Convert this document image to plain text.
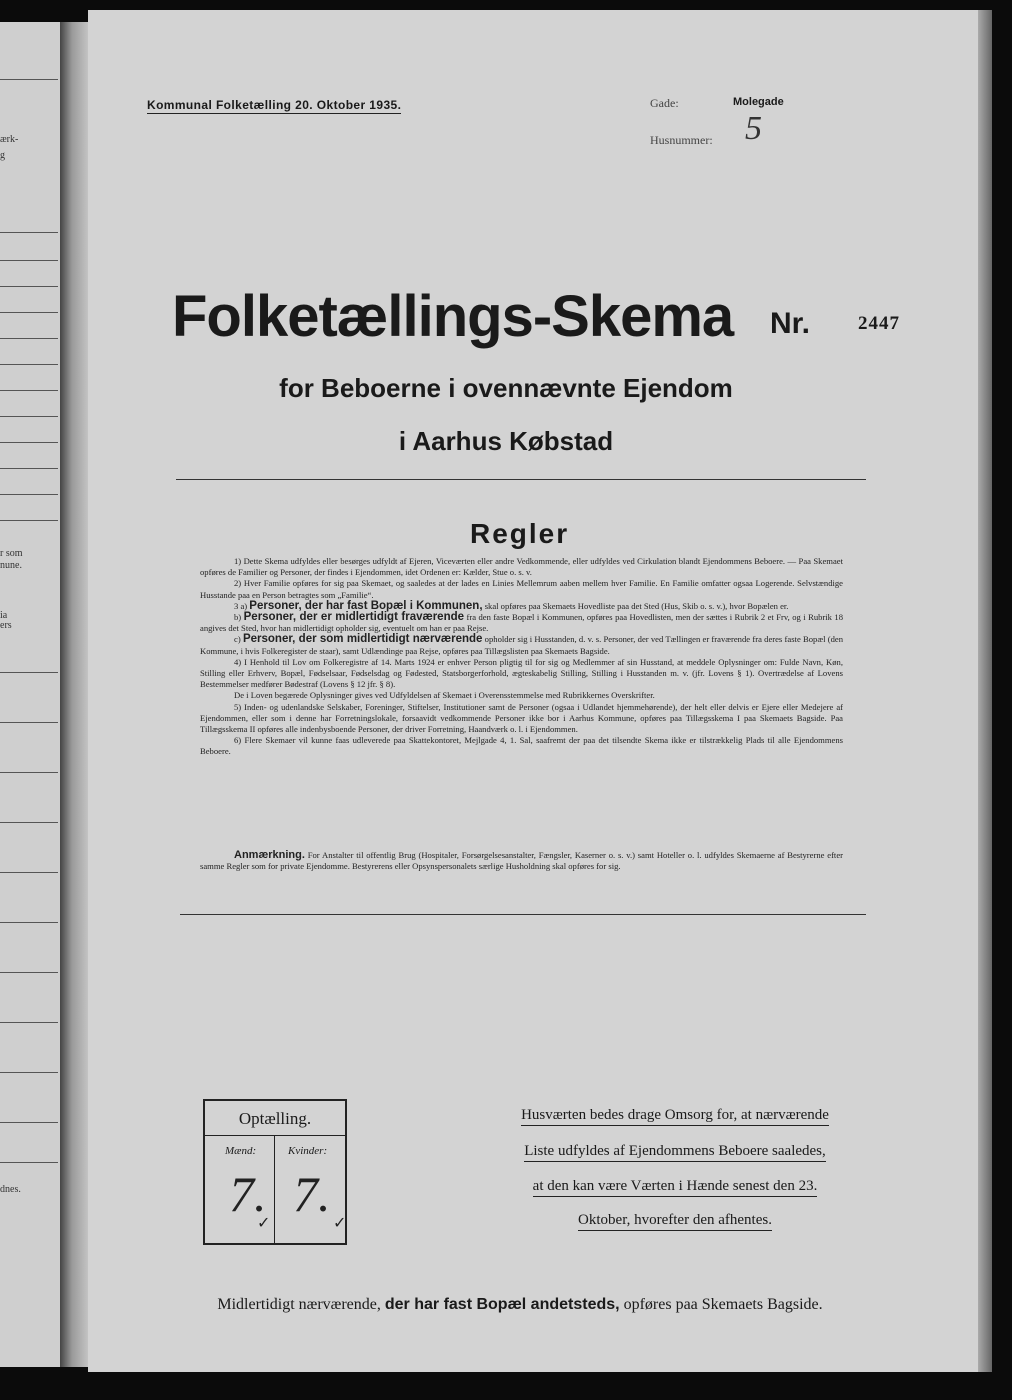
ærk-
g
r som
nune.
ia
ers
dnes.
Kommunal Folketælling 20. Oktober 1935.	Gade:	Molegade
Husnummer: 5
Folketællings-Skema Nr.	2447
for Beboerne i ovennævnte Ejendom
i Aarhus Købstad
Regler

1) Dette Skema udfyldes eller besørges udfyldt af Ejeren, Viceværten eller andre Vedkommende, eller udfyldes ved Cirkulation blandt Ejendommens Beboere. — Paa Skemaet opføres de Familier og Personer, der findes i Ejendommen, idet Ordenen er: Kælder, Stue o. s. v.

2) Hver Familie opføres for sig paa Skemaet, og saaledes at der lades en Linies Mellemrum aaben mellem hver Familie. En Familie omfatter ogsaa Logerende. Selvstændige Husstande paa en Person betragtes som „Familie“.

3 a) Personer, der har fast Bopæl i Kommunen, skal opføres paa Skemaets Hovedliste paa det Sted (Hus, Skib o. s. v.), hvor Bopælen er.

b) Personer, der er midlertidigt fraværende fra den faste Bopæl i Kommunen, opføres paa Hovedlisten, men der sættes i Rubrik 2 et Frv, og i Rubrik 18 angives det Sted, hvor han midlertidigt opholder sig, eventuelt om han er paa Rejse.

c) Personer, der som midlertidigt nærværende opholder sig i Husstanden, d. v. s. Personer, der ved Tællingen er fraværende fra deres faste Bopæl (den Kommune, i hvis Folkeregister de staar), samt Udlændinge paa Rejse, opføres paa Tillægslisten paa Skemaets Bagside.

4) I Henhold til Lov om Folkeregistre af 14. Marts 1924 er enhver Person pligtig til for sig og Medlemmer af sin Husstand, at meddele Oplysninger om: Fulde Navn, Køn, Stilling eller Erhverv, Bopæl, Fødselsaar, Fødselsdag og Fødested, Statsborgerforhold, ægteskabelig Stilling, Stilling i Husstanden m. v. (jfr. Lovens § 1). Overtrædelse af Lovens Bestemmelser medfører Bødestraf (Lovens § 12 jfr. § 8).

De i Loven begærede Oplysninger gives ved Udfyldelsen af Skemaet i Overensstemmelse med Rubrikkernes Overskrifter.

5) Inden- og udenlandske Selskaber, Foreninger, Stiftelser, Institutioner samt de Personer (ogsaa i Udlandet hjemmehørende), der helt eller delvis er Ejere eller Medejere af Ejendommen, eller som i denne har Forretningslokale, forsaavidt vedkommende Personer ikke bor i Aarhus Kommune, opføres paa Tillægsskema I paa Skemaets Bagside. Paa Tillægsskema II opføres alle indenbysboende Personer, der driver Forretning, Haandværk o. l. i Ejendommen.

6) Flere Skemaer vil kunne faas udleverede paa Skattekontoret, Mejlgade 4, 1. Sal, saafremt der paa det tilsendte Skema ikke er tilstrækkelig Plads til alle Ejendommens Beboere.

Anmærkning. For Anstalter til offentlig Brug (Hospitaler, Forsørgelsesanstalter, Fængsler, Kaserner o. s. v.) samt Hoteller o. l. udfyldes Skemaerne af Bestyrerne efter samme Regler som for private Ejendomme. Bestyrerens eller Opsynspersonalets særlige Husholdning skal opføres for sig.
Optælling.
Mænd:	Kvinder:
7. 7.
✓	✓
Husværten bedes drage Omsorg for, at nærværende
Liste udfyldes af Ejendommens Beboere saaledes,
at den kan være Værten i Hænde senest den 23.
Oktober, hvorefter den afhentes.
Midlertidigt nærværende, der har fast Bopæl andetsteds, opføres paa Skemaets Bagside.
